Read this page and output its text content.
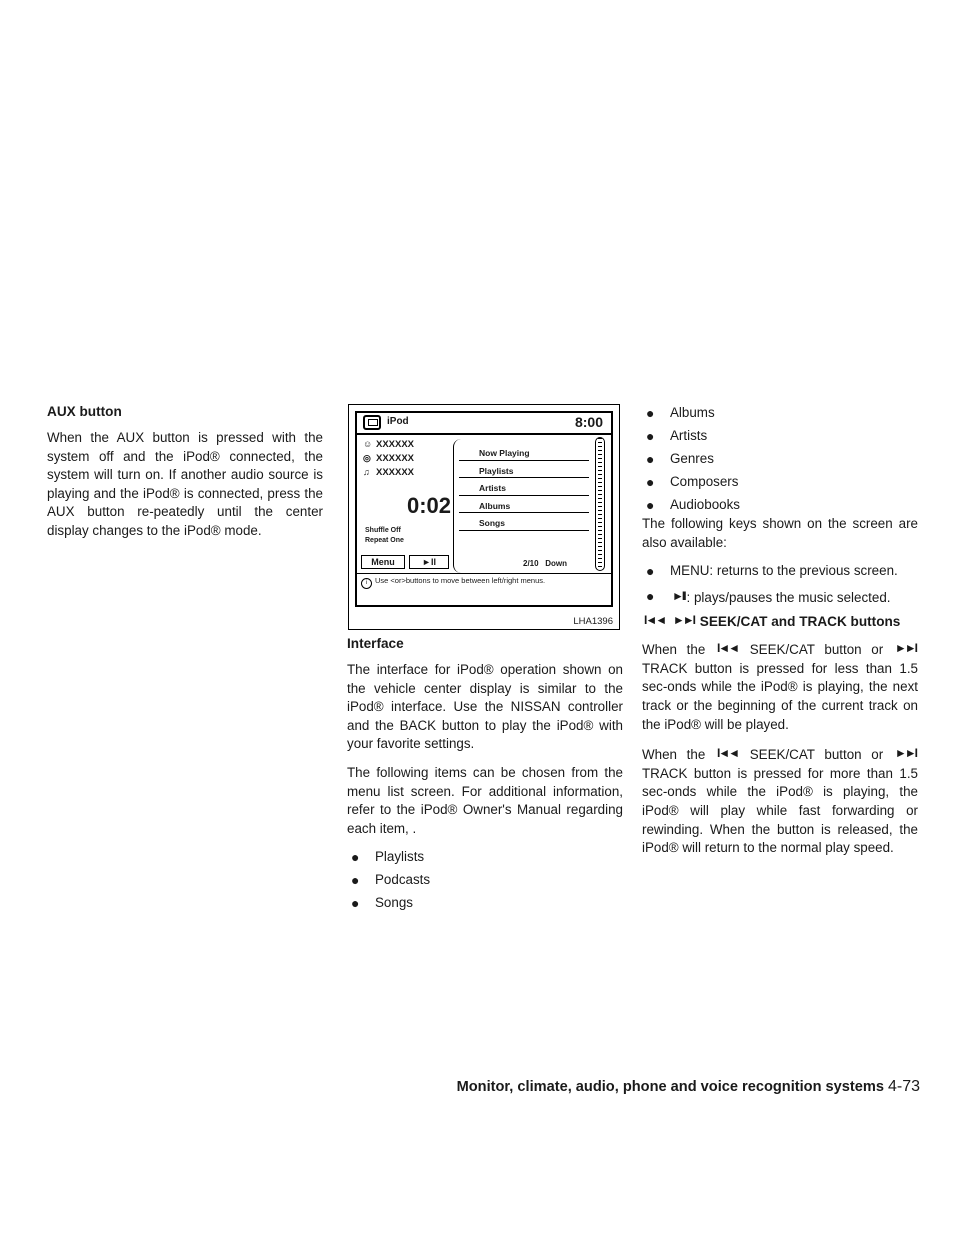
AUX button

When the AUX button is pressed with the system off and the iPod® connected, the system will turn on. If another audio source is playing and the iPod® is connected, press the AUX button re-peatedly until the center display changes to the iPod® mode.

iPod	8:00
☺ XXXXXX
◎ XXXXXX
♫ XXXXXX
0:02
Shuffle Off
Repeat One
Menu	►II
Now Playing
Playlists
Artists
Albums
Songs
2/10 Down
i Use <or>buttons to move between left/right menus.
LHA1396

Interface

The interface for iPod® operation shown on the vehicle center display is similar to the iPod® interface. Use the NISSAN controller and the BACK button to play the iPod® with your favorite settings.

The following items can be chosen from the menu list screen. For additional information, refer to the iPod® Owner's Manual regarding each item, .

● Playlists
● Podcasts
● Songs
● Albums
● Artists
● Genres
● Composers
● Audiobooks

The following keys shown on the screen are also available:

● MENU: returns to the previous screen.
● ►II : plays/pauses the music selected.

I◄◄ ►►I SEEK/CAT and TRACK buttons

When the I◄◄ SEEK/CAT button or ►►I TRACK button is pressed for less than 1.5 sec-onds while the iPod® is playing, the next track or the beginning of the current track on the iPod® will be played.

When the I◄◄ SEEK/CAT button or ►►I TRACK button is pressed for more than 1.5 sec-onds while the iPod® is playing, the iPod® will play while fast forwarding or rewinding. When the button is released, the iPod® will return to the normal play speed.

Monitor, climate, audio, phone and voice recognition systems 4-73
